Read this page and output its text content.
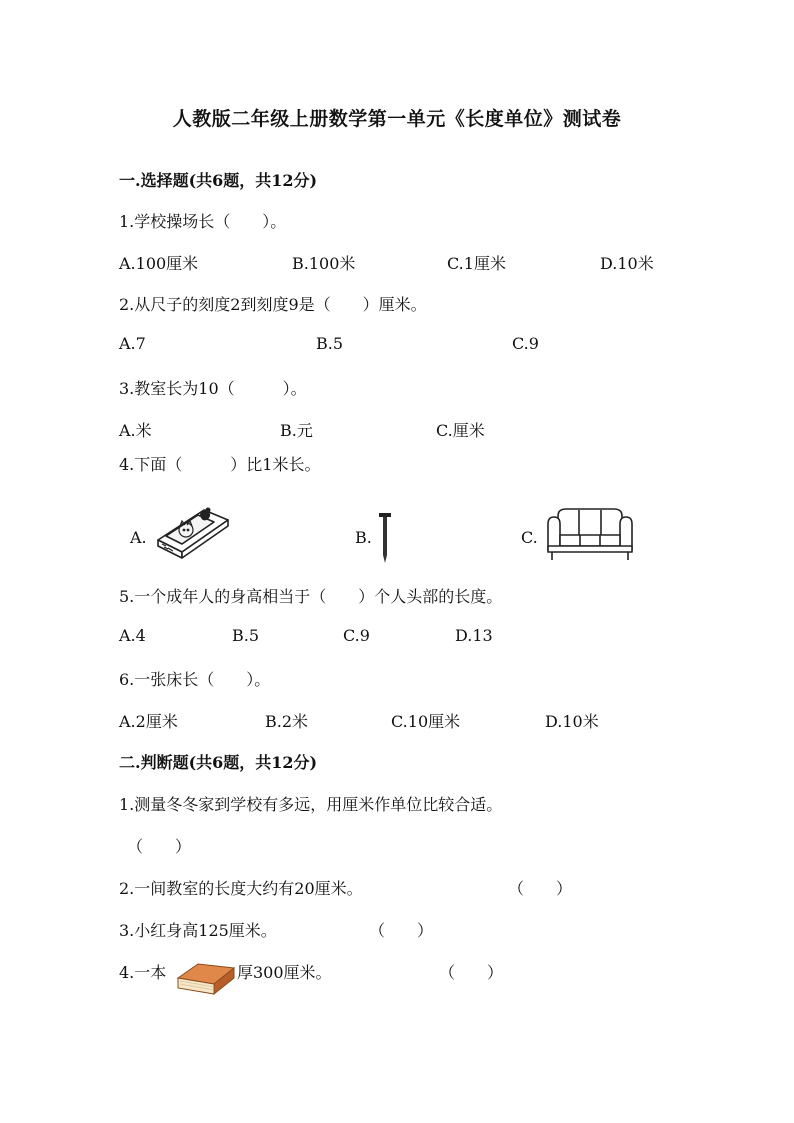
人教版二年级上册数学第一单元《长度单位》测试卷
一.选择题(共6题，共12分)
1.学校操场长（　　）。
A.100厘米	B.100米	C.1厘米	D.10米
2.从尺子的刻度2到刻度9是（　　）厘米。
A.7	B.5	C.9
3.教室长为10（　　　）。
A.米	B.元	C.厘米
4.下面（　　　）比1米长。
A.	B.	C.
5.一个成年人的身高相当于（　　）个人头部的长度。
A.4	B.5	C.9	D.13
6.一张床长（　　）。
A.2厘米	B.2米	C.10厘米	D.10米
二.判断题(共6题，共12分)
1.测量冬冬家到学校有多远，用厘米作单位比较合适。
（　　）
2.一间教室的长度大约有20厘米。	（　　）
3.小红身高125厘米。	（　　）
4.一本	厚300厘米。	（　　）
